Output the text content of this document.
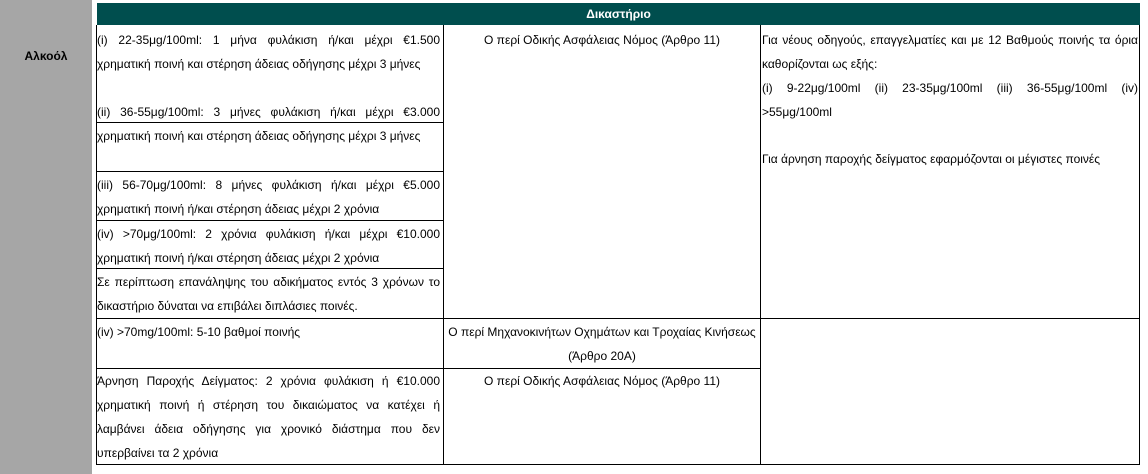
Αλκοόλ
Δικαστήριο
(i) 22-35μg/100ml: 1 μήνα φυλάκιση ή/και μέχρι €1.500 χρηματική ποινή και στέρηση άδειας οδήγησης μέχρι 3 μήνες
(ii) 36-55μg/100ml: 3 μήνες φυλάκιση ή/και μέχρι €3.000 χρηματική ποινή και στέρηση άδειας οδήγησης μέχρι 3 μήνες
(iii) 56-70μg/100ml: 8 μήνες φυλάκιση ή/και μέχρι €5.000 χρηματική ποινή ή/και στέρηση άδειας μέχρι 2 χρόνια
(iv) >70μg/100ml: 2 χρόνια φυλάκιση ή/και μέχρι €10.000 χρηματική ποινή ή/και στέρηση άδειας μέχρι 2 χρόνια
Σε περίπτωση επανάληψης του αδικήματος εντός 3 χρόνων το δικαστήριο δύναται να επιβάλει διπλάσιες ποινές.
Ο περί Οδικής Ασφάλειας Νόμος (Άρθρο 11)	Για νέους οδηγούς, επαγγελματίες και με 12 Βαθμούς ποινής τα όρια καθορίζονται ως εξής:
(i) 9-22μg/100ml (ii) 23-35μg/100ml (iii) 36-55μg/100ml (iv) >55μg/100ml
Για άρνηση παροχής δείγματος εφαρμόζονται οι μέγιστες ποινές
(iv) >70mg/100ml: 5-10 βαθμοί ποινής	Ο περί Μηχανοκινήτων Οχημάτων και Τροχαίας Κινήσεως (Άρθρο 20Α)
Άρνηση Παροχής Δείγματος: 2 χρόνια φυλάκιση ή €10.000 χρηματική ποινή ή στέρηση του δικαιώματος να κατέχει ή λαμβάνει άδεια οδήγησης για χρονικό διάστημα που δεν υπερβαίνει τα 2 χρόνια
Ο περί Οδικής Ασφάλειας Νόμος (Άρθρο 11)
